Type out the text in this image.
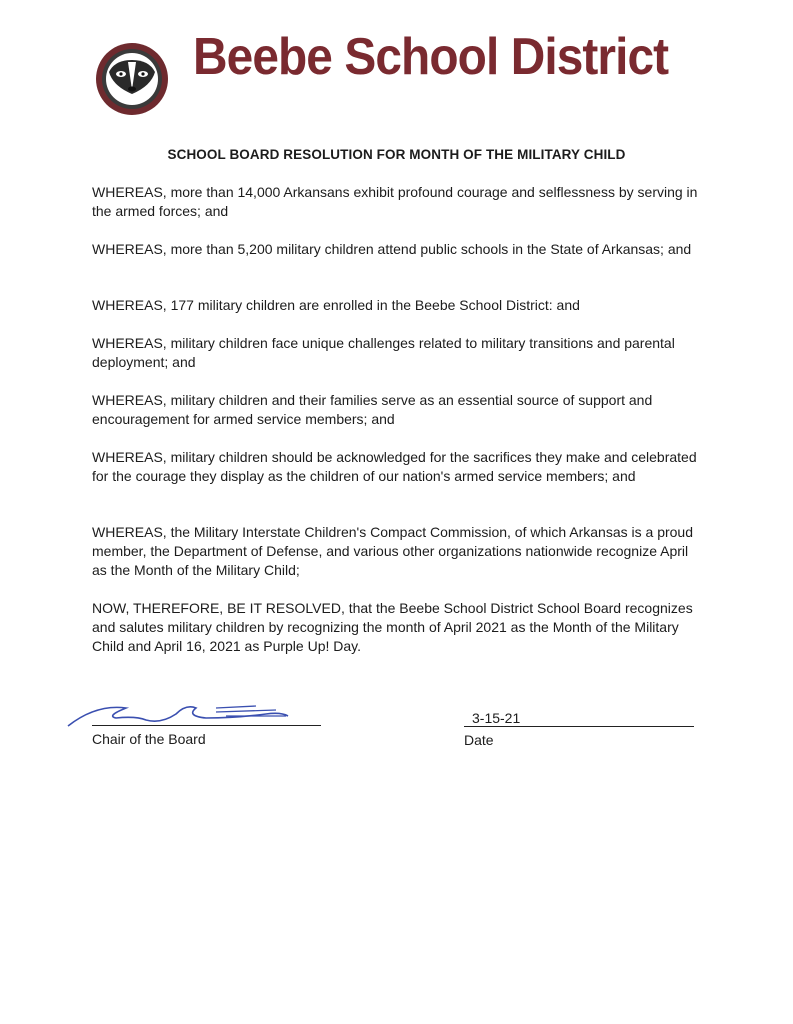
Beebe School District
SCHOOL BOARD RESOLUTION FOR MONTH OF THE MILITARY CHILD

WHEREAS, more than 14,000 Arkansans exhibit profound courage and selflessness by serving in the armed forces; and

WHEREAS, more than 5,200 military children attend public schools in the State of Arkansas; and

WHEREAS, 177 military children are enrolled in the Beebe School District: and

WHEREAS, military children face unique challenges related to military transitions and parental deployment; and

WHEREAS, military children and their families serve as an essential source of support and encouragement for armed service members; and

WHEREAS, military children should be acknowledged for the sacrifices they make and celebrated for the courage they display as the children of our nation's armed service members; and

WHEREAS, the Military Interstate Children's Compact Commission, of which Arkansas is a proud member, the Department of Defense, and various other organizations nationwide recognize April as the Month of the Military Child;

NOW, THEREFORE, BE IT RESOLVED, that the Beebe School District School Board recognizes and salutes military children by recognizing the month of April 2021 as the Month of the Military Child and April 16, 2021 as Purple Up! Day.

Chair of the Board
3-15-21
Date
